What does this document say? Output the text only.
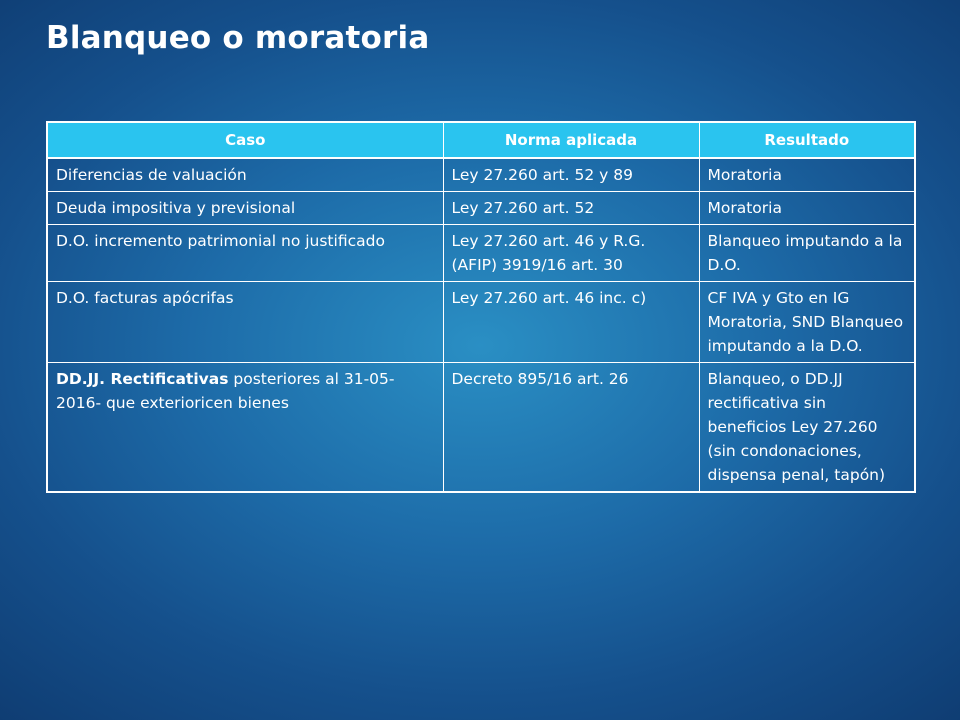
Blanqueo o moratoria
Caso	Norma aplicada	Resultado
Diferencias de valuación	Ley 27.260 art. 52 y 89	Moratoria
Deuda impositiva y previsional	Ley 27.260 art. 52	Moratoria
D.O. incremento patrimonial no justificado	Ley 27.260 art. 46 y R.G. (AFIP) 3919/16 art. 30	Blanqueo imputando a la D.O.
D.O. facturas apócrifas	Ley 27.260 art. 46 inc. c)	CF IVA y Gto en IG Moratoria, SND Blanqueo imputando a la D.O.
DD.JJ. Rectificativas posteriores al 31-05-2016- que exterioricen bienes	Decreto 895/16 art. 26	Blanqueo, o DD.JJ rectificativa sin beneficios Ley 27.260 (sin condonaciones, dispensa penal, tapón)
